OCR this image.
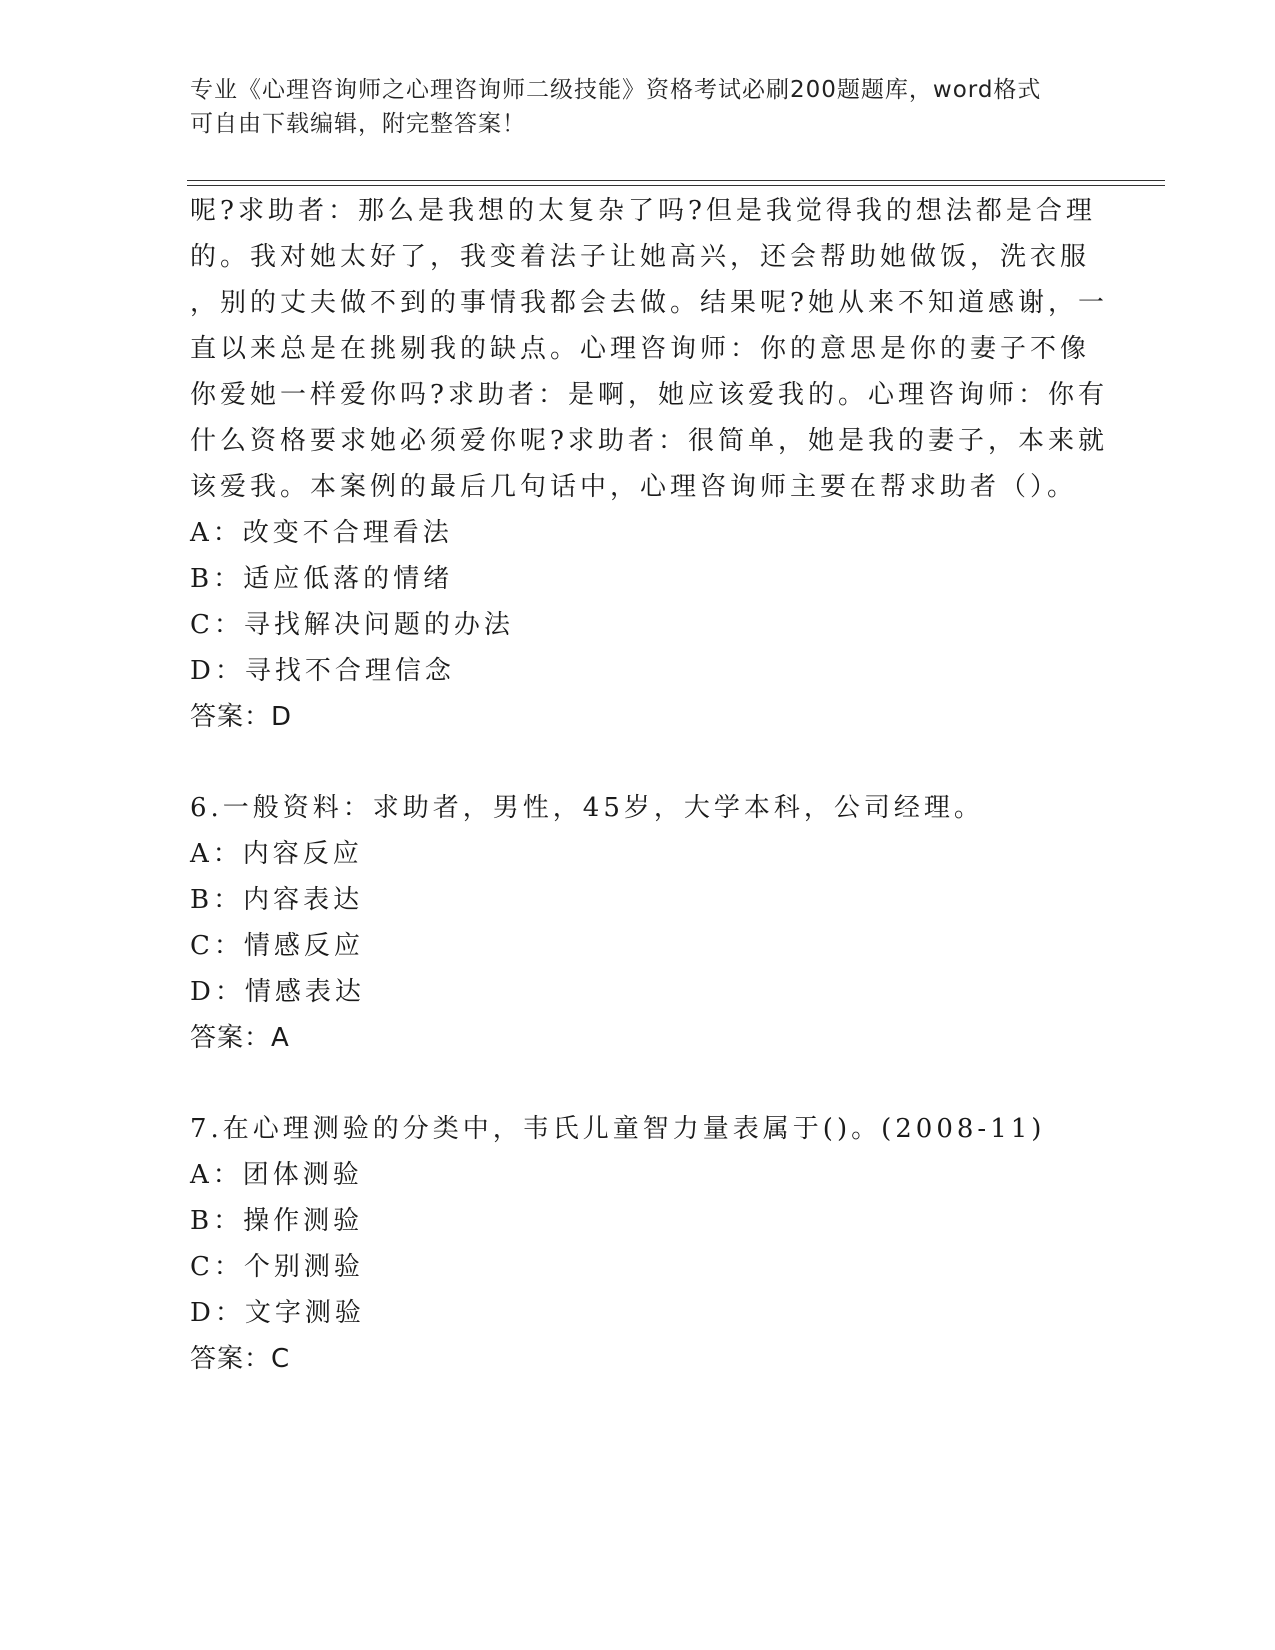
专业《心理咨询师之心理咨询师二级技能》资格考试必刷200题题库，word格式
可自由下载编辑，附完整答案！
呢?求助者：那么是我想的太复杂了吗?但是我觉得我的想法都是合理
的。我对她太好了，我变着法子让她高兴，还会帮助她做饭，洗衣服
，别的丈夫做不到的事情我都会去做。结果呢?她从来不知道感谢，一
直以来总是在挑剔我的缺点。心理咨询师：你的意思是你的妻子不像
你爱她一样爱你吗?求助者：是啊，她应该爱我的。心理咨询师：你有
什么资格要求她必须爱你呢?求助者：很简单，她是我的妻子，本来就
该爱我。本案例的最后几句话中，心理咨询师主要在帮求助者（）。
A：改变不合理看法
B：适应低落的情绪
C：寻找解决问题的办法
D：寻找不合理信念
答案：D
6.一般资料：求助者，男性，45岁，大学本科，公司经理。
A：内容反应
B：内容表达
C：情感反应
D：情感表达
答案：A
7.在心理测验的分类中，韦氏儿童智力量表属于()。(2008-11)
A：团体测验
B：操作测验
C：个别测验
D：文字测验
答案：C
